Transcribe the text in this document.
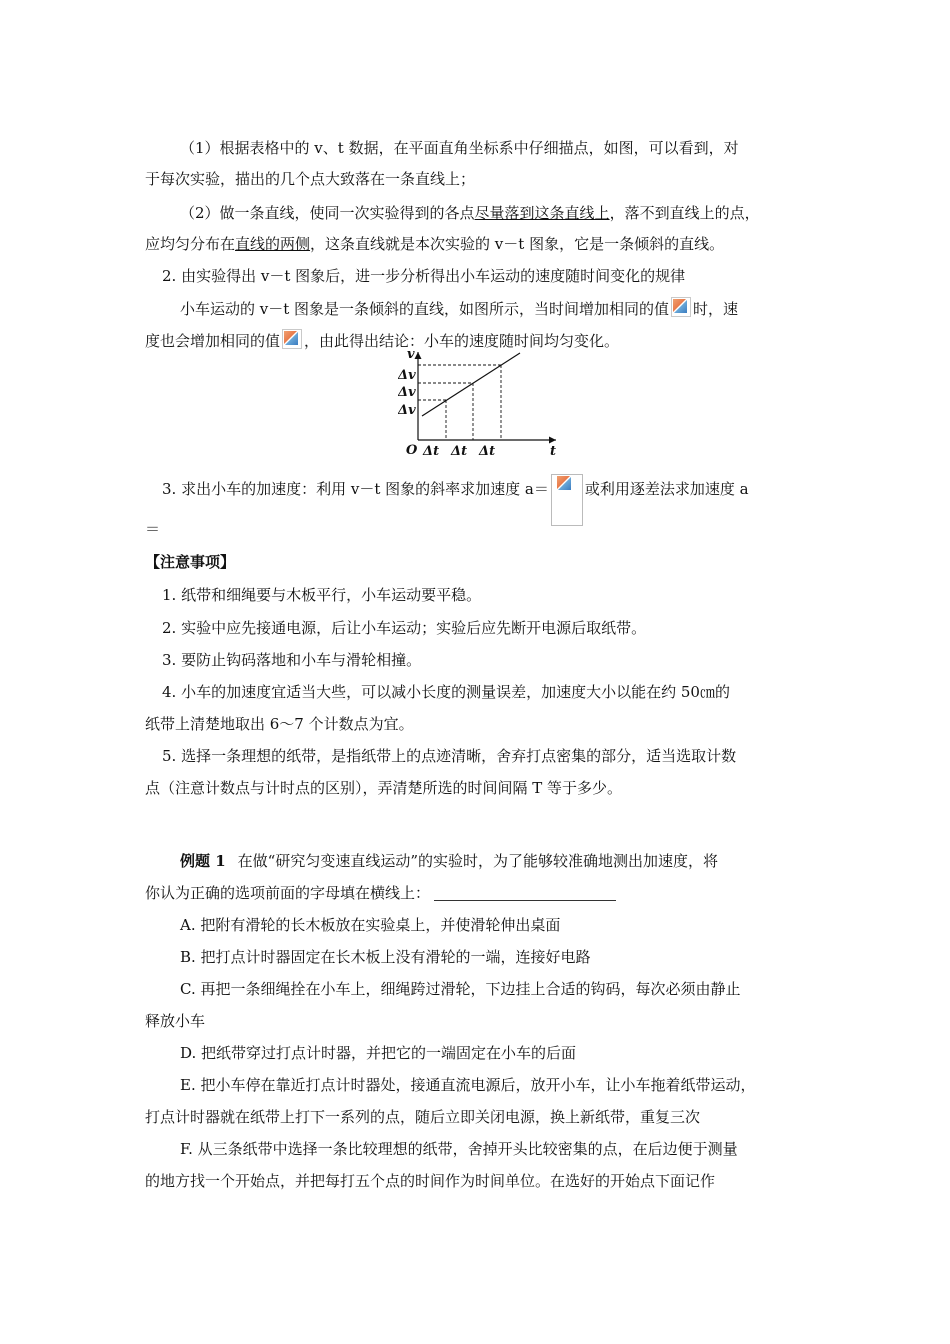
（1）根据表格中的 v、t 数据，在平面直角坐标系中仔细描点，如图，可以看到，对
于每次实验，描出的几个点大致落在一条直线上；
（2）做一条直线，使同一次实验得到的各点尽量落到这条直线上，落不到直线上的点，
应均匀分布在直线的两侧，这条直线就是本次实验的 v－t 图象，它是一条倾斜的直线。
2. 由实验得出 v－t 图象后，进一步分析得出小车运动的速度随时间变化的规律
小车运动的 v－t 图象是一条倾斜的直线，如图所示，当时间增加相同的值 时，速
度也会增加相同的值 ，由此得出结论：小车的速度随时间均匀变化。
v
t
O
Δv
Δv
Δv
Δt Δt Δt
3. 求出小车的加速度：利用 v－t 图象的斜率求加速度 a＝ 或利用逐差法求加速度 a
＝
【注意事项】
1. 纸带和细绳要与木板平行，小车运动要平稳。
2. 实验中应先接通电源，后让小车运动；实验后应先断开电源后取纸带。
3. 要防止钩码落地和小车与滑轮相撞。
4. 小车的加速度宜适当大些，可以减小长度的测量误差，加速度大小以能在约 50㎝的
纸带上清楚地取出 6～7 个计数点为宜。
5. 选择一条理想的纸带，是指纸带上的点迹清晰，舍弃打点密集的部分，适当选取计数
点（注意计数点与计时点的区别），弄清楚所选的时间间隔 T 等于多少。
例题 1 在做“研究匀变速直线运动”的实验时，为了能够较准确地测出加速度，将
你认为正确的选项前面的字母填在横线上：
A. 把附有滑轮的长木板放在实验桌上，并使滑轮伸出桌面
B. 把打点计时器固定在长木板上没有滑轮的一端，连接好电路
C. 再把一条细绳拴在小车上，细绳跨过滑轮，下边挂上合适的钩码，每次必须由静止
释放小车
D. 把纸带穿过打点计时器，并把它的一端固定在小车的后面
E. 把小车停在靠近打点计时器处，接通直流电源后，放开小车，让小车拖着纸带运动，
打点计时器就在纸带上打下一系列的点，随后立即关闭电源，换上新纸带，重复三次
F. 从三条纸带中选择一条比较理想的纸带，舍掉开头比较密集的点，在后边便于测量
的地方找一个开始点，并把每打五个点的时间作为时间单位。在选好的开始点下面记作
